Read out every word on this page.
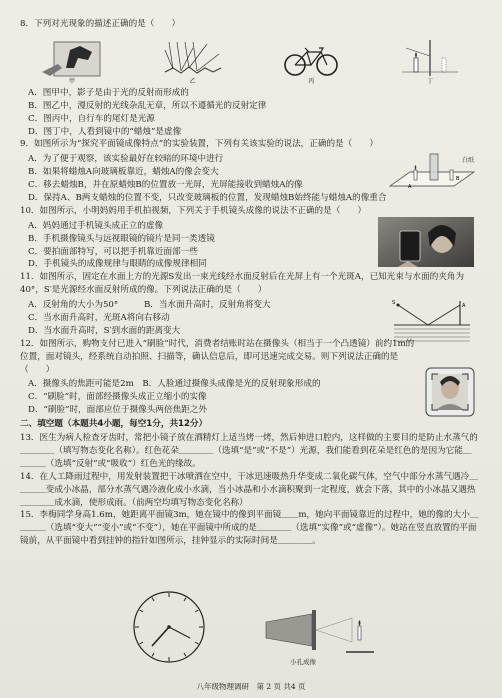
8．下列对光现象的描述正确的是（　　）

甲	乙	丙	丁

A．图甲中，影子是由于光的反射而形成的

B．图乙中，漫反射的光线杂乱无章，所以不遵循光的反射定律

C．图丙中，自行车的尾灯是光源

D．图丁中，人看到镜中的“蜡烛”是虚像

9．如图所示为“探究平面镜成像特点”的实验装置，下列有关该实验的说法，正确的是（　　）

A．为了便于观察，该实验最好在较暗的环境中进行

B．如果将蜡烛A向玻璃板靠近，蜡烛A的像会变大

C．移去蜡烛B，并在原蜡烛B的位置放一光屏，光屏能接收到蜡烛A的像

D．保持A、B两支蜡烛的位置不变，只改变玻璃板的位置，发现蜡烛B始终能与蜡烛A的像重合

A
B
白纸

10．如图所示，小明妈妈用手机拍视频，下列关于手机镜头成像的说法不正确的是（　　）

A．妈妈通过手机镜头成正立的虚像

B．手机摄像镜头与远视眼镜的镜片是同一类透镜

C．要拍面部特写，可以把手机靠近面部一些

D．手机镜头的成像规律与眼睛的成像规律相同

11．如图所示，固定在水面上方的光源S发出一束光线经水面反射后在光屏上有一个光斑A，已知光束与水面的夹角为40°，S′是光源经水面反射所成的像。下列说法正确的是（　　）

A．反射角的大小为50°　　　B．当水面升高时，反射角将变大

C．当水面升高时，光斑A将向右移动

D．当水面升高时，S′到水面的距离变大

S	A

12．如图所示，购物支付已进入“刷脸”时代，消费者结账时站在摄像头（相当于一个凸透镜）前约1m的位置，面对镜头，经系统自动拍照、扫描等，确认信息后，即可迅速完成交易。则下列说法正确的是（　　）

A．摄像头的焦距可能是2m　B．人脸通过摄像头成像是光的反射现象形成的

C．“刷脸”时，面部经摄像头成正立缩小的实像

D．“刷脸”时，面部应位于摄像头两倍焦距之外

二、填空题（本题共4小题，每空1分，共12分）

13．医生为病人检查牙齿时，常把小镜子放在酒精灯上适当烤一烤，然后伸进口腔内，这样做的主要目的是防止水蒸气的＿＿＿＿（填写物态变化名称）。红色花朵＿＿＿＿（选填“是”或“不是”）光源，我们能看到花朵是红色的是因为它能＿＿＿＿（选填“反射”或“吸收”）红色光的缘故。

14．在人工降雨过程中，用发射装置把干冰喷洒在空中，干冰迅速吸热升华变成二氧化碳气体，空气中部分水蒸气遇冷＿＿＿＿变成小冰晶，部分水蒸气遇冷液化成小水滴，当小冰晶和小水滴积聚到一定程度，就会下落，其中的小冰晶又遇热＿＿＿＿成水滴，使形成雨。（前两空均填写物态变化名称）

15．李梅同学身高1.6m，她距离平面镜3m，她在镜中的像到平面镜＿＿m，她向平面镜靠近的过程中，她的像的大小＿＿＿＿（选填“变大”“变小”或“不变”），她在平面镜中所成的是＿＿＿＿（选填“实像”或“虚像”）。她站在竖直放置的平面镜前，从平面镜中看到挂钟的指针如图所示，挂钟显示的实际时间是＿＿＿＿。

小孔成像
八年级物理调研　第 2 页 共4 页
